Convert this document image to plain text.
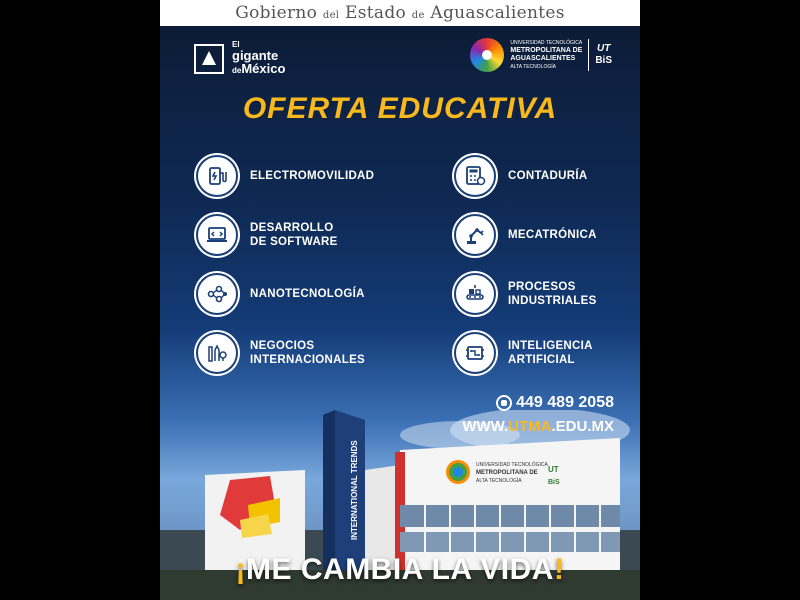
Gobierno del Estado de Aguascalientes
El
gigante
deMéxico
UNIVERSIDAD TECNOLÓGICA
METROPOLITANA DE
AGUASCALIENTES
ALTA TECNOLOGÍA
UT
BiS
OFERTA EDUCATIVA
ELECTROMOVILIDAD	CONTADURÍA
DESARROLLO DE SOFTWARE
MECATRÓNICA
NANOTECNOLOGÍA
PROCESOS INDUSTRIALES
NEGOCIOS INTERNACIONALES
INTELIGENCIA ARTIFICIAL
INTERNATIONAL TRENDS	UNIVERSIDAD TECNOLÓGICA
METROPOLITANA DE
ALTA TECNOLOGÍA
UT
BiS
449 489 2058
WWW.UTMA.EDU.MX
¡ME CAMBIA LA VIDA!
